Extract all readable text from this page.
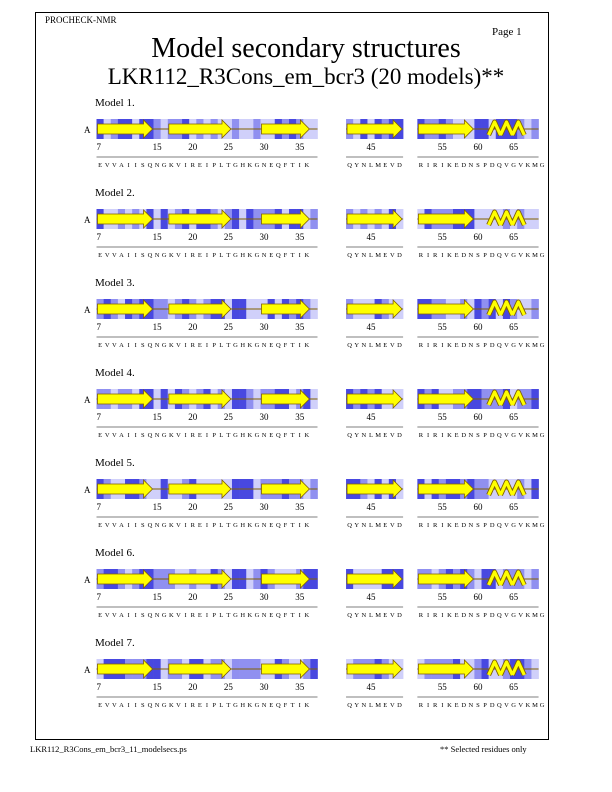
PROCHECK-NMR
Page 1
Model secondary structures
LKR112_R3Cons_em_bcr3 (20 models)**
LKR112_R3Cons_em_bcr3_11_modelsecs.ps	** Selected residues only
Model 1.
A
7	15	20	25	30	35	45	55	60	65
E V V A I I S Q N G K V I R E I P L T G H K G N E Q F T I K	Q Y N L M E V D	R I R I K E D N S P D Q V G V K M G
Model 2.
A
7	15	20	25	30	35	45	55	60	65
E V V A I I S Q N G K V I R E I P L T G H K G N E Q F T I K	Q Y N L M E V D	R I R I K E D N S P D Q V G V K M G
Model 3.
A
7	15	20	25	30	35	45	55	60	65
E V V A I I S Q N G K V I R E I P L T G H K G N E Q F T I K	Q Y N L M E V D	R I R I K E D N S P D Q V G V K M G
Model 4.
A
7	15	20	25	30	35	45	55	60	65
E V V A I I S Q N G K V I R E I P L T G H K G N E Q F T I K	Q Y N L M E V D	R I R I K E D N S P D Q V G V K M G
Model 5.
A
7	15	20	25	30	35	45	55	60	65
E V V A I I S Q N G K V I R E I P L T G H K G N E Q F T I K	Q Y N L M E V D	R I R I K E D N S P D Q V G V K M G
Model 6.
A
7	15	20	25	30	35	45	55	60	65
E V V A I I S Q N G K V I R E I P L T G H K G N E Q F T I K	Q Y N L M E V D	R I R I K E D N S P D Q V G V K M G
Model 7.
A
7	15	20	25	30	35	45	55	60	65
E V V A I I S Q N G K V I R E I P L T G H K G N E Q F T I K	Q Y N L M E V D	R I R I K E D N S P D Q V G V K M G
